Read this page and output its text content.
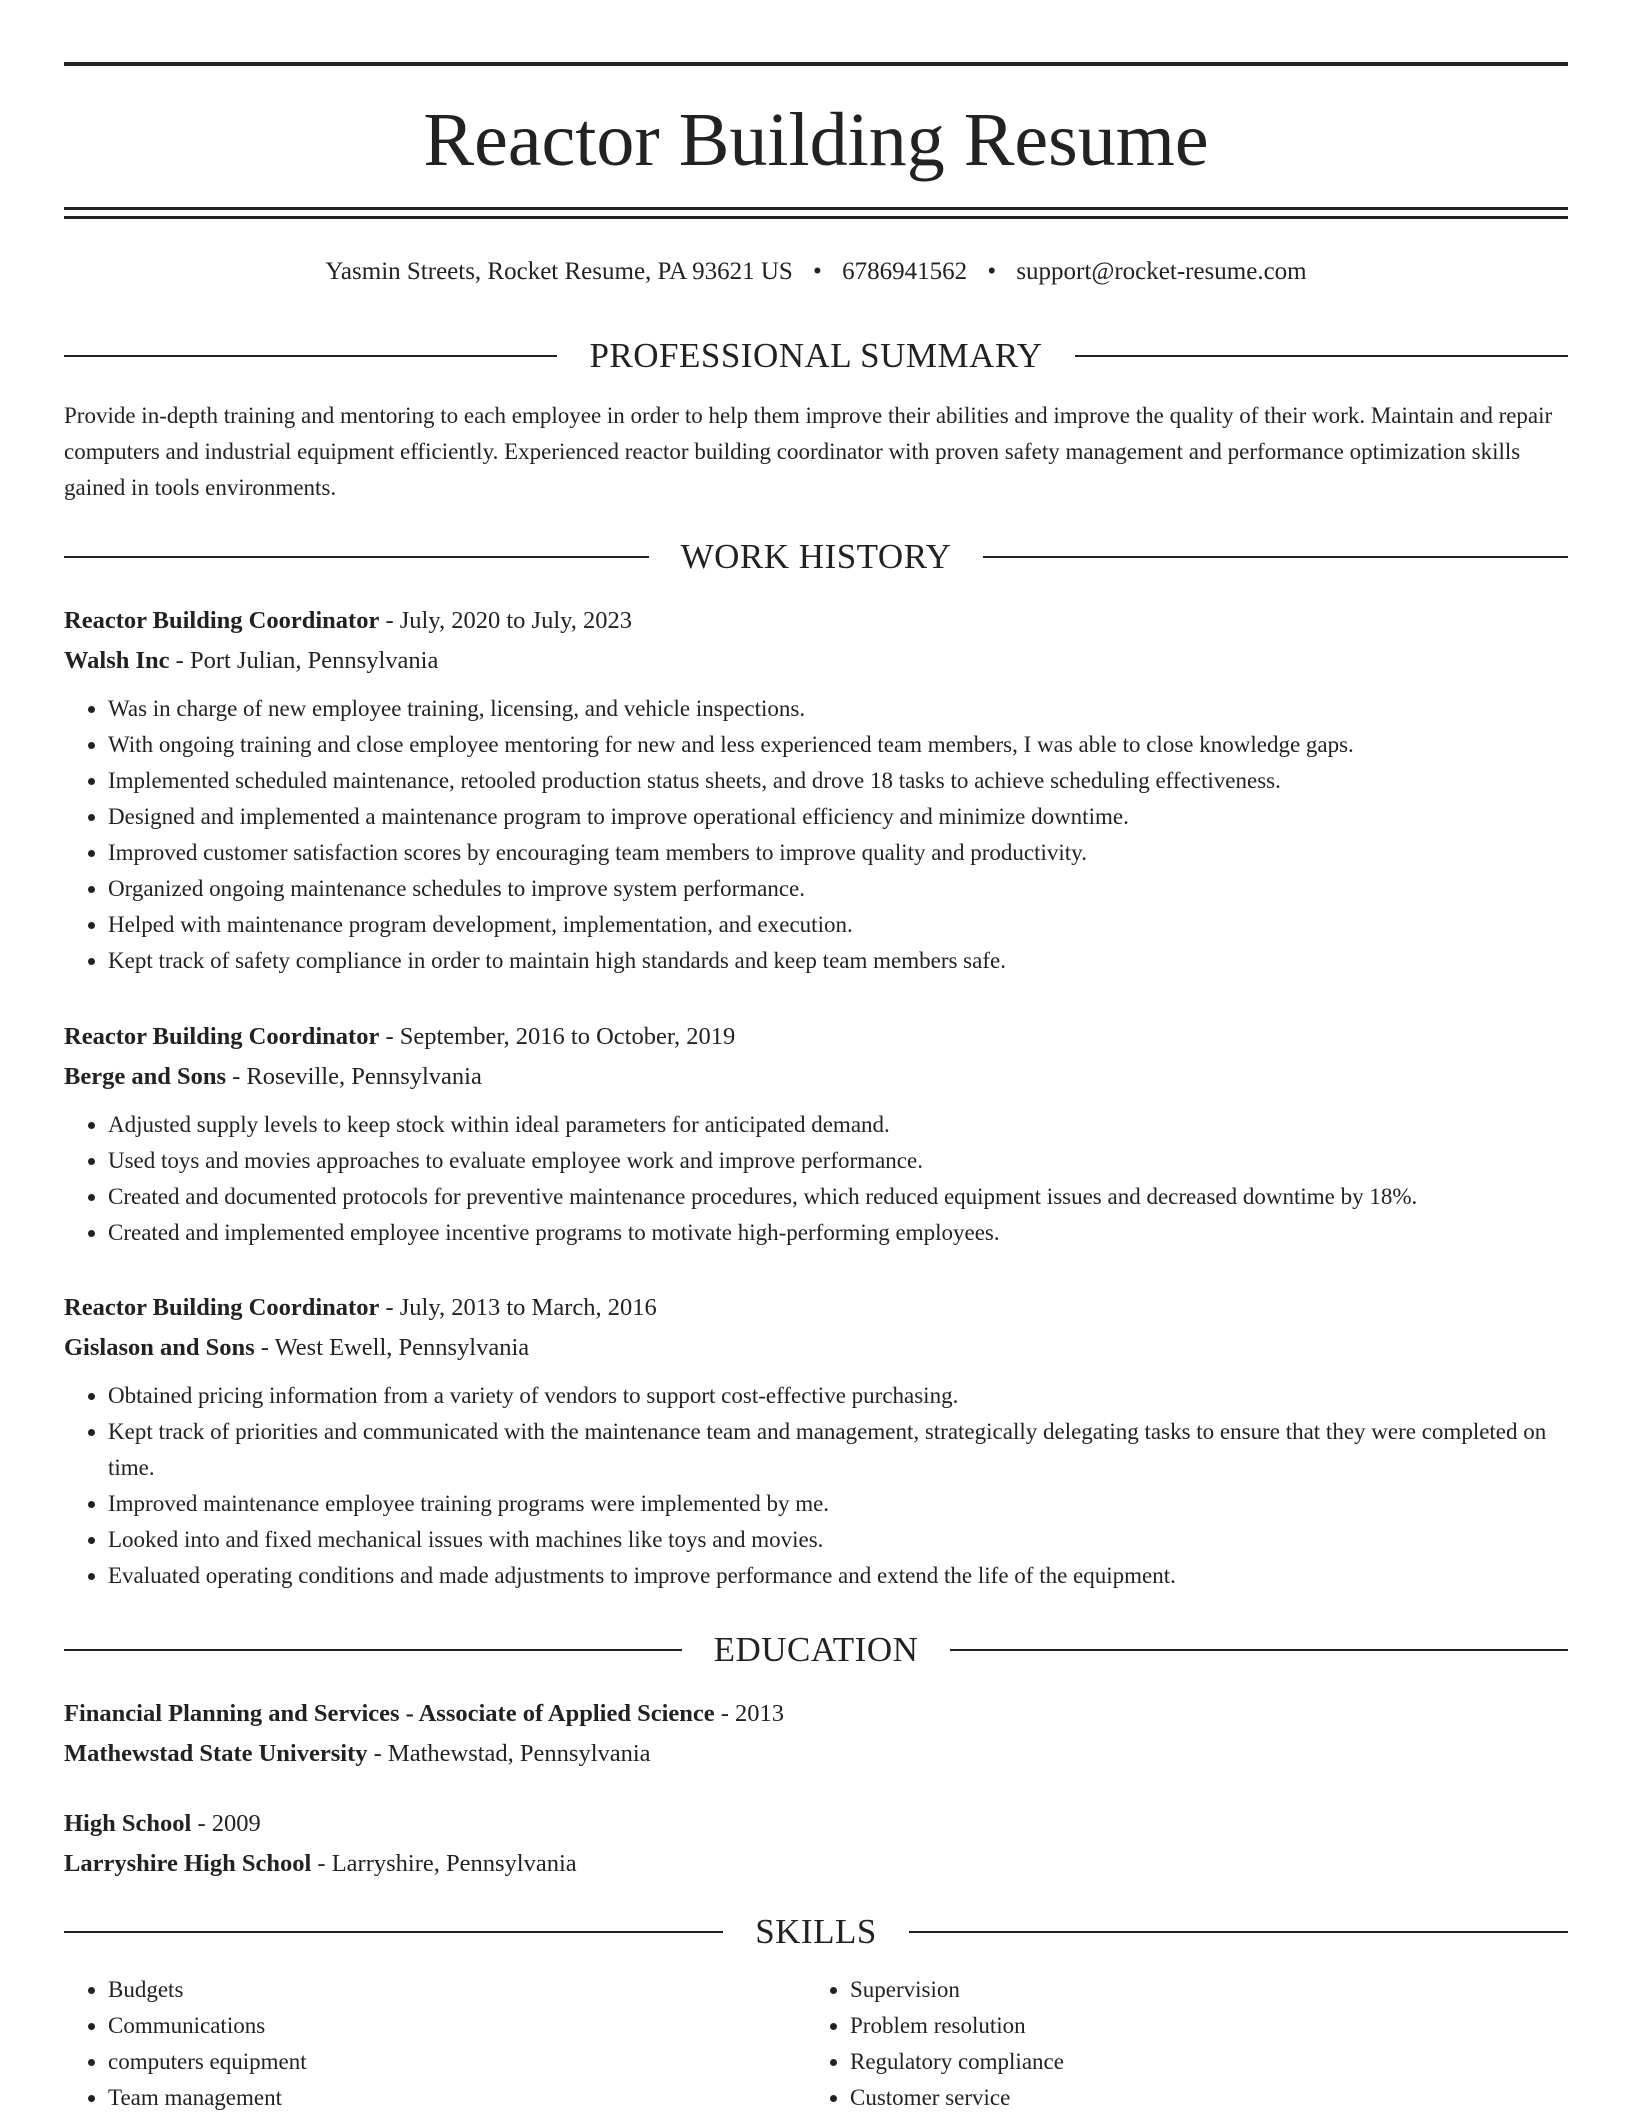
Reactor Building Resume
Yasmin Streets, Rocket Resume, PA 93621 US • 6786941562 • support@rocket-resume.com
PROFESSIONAL SUMMARY

Provide in-depth training and mentoring to each employee in order to help them improve their abilities and improve the quality of their work. Maintain and repair computers and industrial equipment efficiently. Experienced reactor building coordinator with proven safety management and performance optimization skills gained in tools environments.

WORK HISTORY
Reactor Building Coordinator - July, 2020 to July, 2023
Walsh Inc - Port Julian, Pennsylvania
• Was in charge of new employee training, licensing, and vehicle inspections.
• With ongoing training and close employee mentoring for new and less experienced team members, I was able to close knowledge gaps.
• Implemented scheduled maintenance, retooled production status sheets, and drove 18 tasks to achieve scheduling effectiveness.
• Designed and implemented a maintenance program to improve operational efficiency and minimize downtime.
• Improved customer satisfaction scores by encouraging team members to improve quality and productivity.
• Organized ongoing maintenance schedules to improve system performance.
• Helped with maintenance program development, implementation, and execution.
• Kept track of safety compliance in order to maintain high standards and keep team members safe.
Reactor Building Coordinator - September, 2016 to October, 2019
Berge and Sons - Roseville, Pennsylvania
• Adjusted supply levels to keep stock within ideal parameters for anticipated demand.
• Used toys and movies approaches to evaluate employee work and improve performance.
• Created and documented protocols for preventive maintenance procedures, which reduced equipment issues and decreased downtime by 18%.
• Created and implemented employee incentive programs to motivate high-performing employees.
Reactor Building Coordinator - July, 2013 to March, 2016
Gislason and Sons - West Ewell, Pennsylvania
• Obtained pricing information from a variety of vendors to support cost-effective purchasing.
• Kept track of priorities and communicated with the maintenance team and management, strategically delegating tasks to ensure that they were completed on time.
• Improved maintenance employee training programs were implemented by me.
• Looked into and fixed mechanical issues with machines like toys and movies.
• Evaluated operating conditions and made adjustments to improve performance and extend the life of the equipment.
EDUCATION
Financial Planning and Services - Associate of Applied Science - 2013
Mathewstad State University - Mathewstad, Pennsylvania
High School - 2009
Larryshire High School - Larryshire, Pennsylvania
SKILLS
• Budgets
• Communications
• computers equipment
• Team management
• Supervision
• Problem resolution
• Regulatory compliance
• Customer service
